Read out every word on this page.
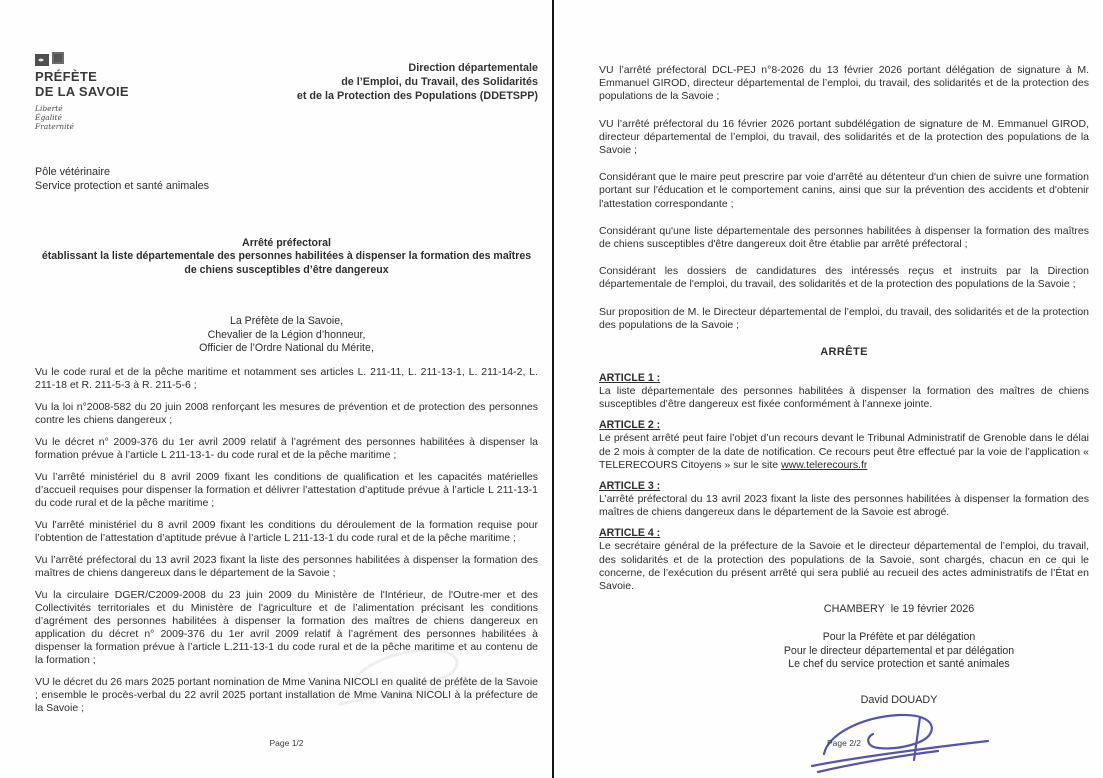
PRÉFÈTE
DE LA SAVOIE
Liberté
Égalité
Fraternité
Direction départementale
de l’Emploi, du Travail, des Solidarités
et de la Protection des Populations (DDETSPP)
Pôle vétérinaire
Service protection et santé animales
Arrêté préfectoral
établissant la liste départementale des personnes habilitées à dispenser la formation des maîtres de chiens susceptibles d’être dangereux
La Préfète de la Savoie,
Chevalier de la Légion d’honneur,
Officier de l’Ordre National du Mérite,

Vu le code rural et de la pêche maritime et notamment ses articles L. 211-11, L. 211-13-1, L. 211-14-2, L. 211-18 et R. 211-5-3 à R. 211-5-6 ;

Vu la loi n°2008-582 du 20 juin 2008 renforçant les mesures de prévention et de protection des personnes contre les chiens dangereux ;

Vu le décret n° 2009-376 du 1er avril 2009 relatif à l’agrément des personnes habilitées à dispenser la formation prévue à l’article L 211-13-1- du code rural et de la pêche maritime ;

Vu l’arrêté ministériel du 8 avril 2009 fixant les conditions de qualification et les capacités matérielles d’accueil requises pour dispenser la formation et délivrer l’attestation d’aptitude prévue à l’article L 211-13-1 du code rural et de la pêche maritime ;

Vu l’arrêté ministériel du 8 avril 2009 fixant les conditions du déroulement de la formation requise pour l’obtention de l’attestation d’aptitude prévue à l’article L 211-13-1 du code rural et de la pêche maritime ;

Vu l’arrêté préfectoral du 13 avril 2023 fixant la liste des personnes habilitées à dispenser la formation des maîtres de chiens dangereux dans le département de la Savoie ;

Vu la circulaire DGER/C2009-2008 du 23 juin 2009 du Ministère de l'Intérieur, de l'Outre-mer et des Collectivités territoriales et du Ministère de l'agriculture et de l’alimentation précisant les conditions d’agrément des personnes habilitées à dispenser la formation des maîtres de chiens dangereux en application du décret n° 2009-376 du 1er avril 2009 relatif à l’agrément des personnes habilitées à dispenser la formation prévue à l’article L.211-13-1 du code rural et de la pêche maritime et au contenu de la formation ;

VU le décret du 26 mars 2025 portant nomination de Mme Vanina NICOLI en qualité de préfète de la Savoie ; ensemble le procès-verbal du 22 avril 2025 portant installation de Mme Vanina NICOLI à la préfecture de la Savoie ;

Page 1/2

VU l’arrêté préfectoral DCL-PEJ n°8-2026 du 13 février 2026 portant délégation de signature à M. Emmanuel GIROD, directeur départemental de l’emploi, du travail, des solidarités et de la protection des populations de la Savoie ;

VU l’arrêté préfectoral du 16 février 2026 portant subdélégation de signature de M. Emmanuel GIROD, directeur départemental de l’emploi, du travail, des solidarités et de la protection des populations de la Savoie ;

Considérant que le maire peut prescrire par voie d'arrêté au détenteur d'un chien de suivre une formation portant sur l'éducation et le comportement canins, ainsi que sur la prévention des accidents et d'obtenir l'attestation correspondante ;

Considérant qu'une liste départementale des personnes habilitées à dispenser la formation des maîtres de chiens susceptibles d'être dangereux doit être établie par arrêté préfectoral ;

Considérant les dossiers de candidatures des intéressés reçus et instruits par la Direction départementale de l'emploi, du travail, des solidarités et de la protection des populations de la Savoie ;

Sur proposition de M. le Directeur départemental de l’emploi, du travail, des solidarités et de la protection des populations de la Savoie ;

ARRÊTE
ARTICLE 1 :

La liste départementale des personnes habilitées à dispenser la formation des maîtres de chiens susceptibles d’être dangereux est fixée conformément à l’annexe jointe.

ARTICLE 2 :

Le présent arrêté peut faire l’objet d’un recours devant le Tribunal Administratif de Grenoble dans le délai de 2 mois à compter de la date de notification. Ce recours peut être effectué par la voie de l’application « TELERECOURS Citoyens » sur le site www.telerecours.fr

ARTICLE 3 :

L’arrêté préfectoral du 13 avril 2023 fixant la liste des personnes habilitées à dispenser la formation des maîtres de chiens dangereux dans le département de la Savoie est abrogé.

ARTICLE 4 :

Le secrétaire général de la préfecture de la Savoie et le directeur départemental de l’emploi, du travail, des solidarités et de la protection des populations de la Savoie, sont chargés, chacun en ce qui le concerne, de l’exécution du présent arrêté qui sera publié au recueil des actes administratifs de l’État en Savoie.

CHAMBERY  le 19 février 2026
Pour la Préfète et par délégation
Pour le directeur départemental et par délégation
Le chef du service protection et santé animales
David DOUADY
Page 2/2
